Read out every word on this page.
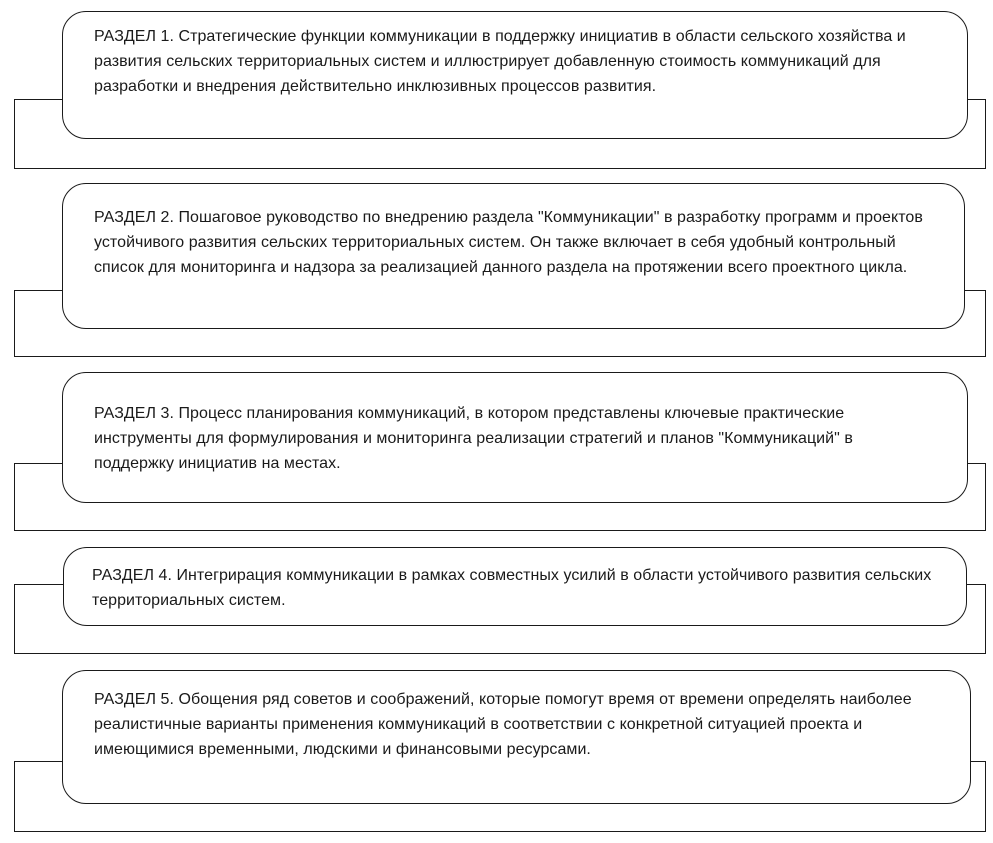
РАЗДЕЛ 1. Стратегические функции коммуникации в поддержку инициатив в области сельского хозяйства и развития сельских территориальных систем и иллюстрирует добавленную стоимость коммуникаций для разработки и внедрения действительно инклюзивных процессов развития.

РАЗДЕЛ 2. Пошаговое руководство по внедрению раздела "Коммуникации" в разработку программ и проектов устойчивого развития сельских территориальных систем. Он также включает в себя удобный контрольный список для мониторинга и надзора за реализацией данного раздела на протяжении всего проектного цикла.

РАЗДЕЛ 3. Процесс планирования коммуникаций, в котором представлены ключевые практические инструменты для формулирования и мониторинга реализации стратегий и планов "Коммуникаций" в поддержку инициатив на местах.

РАЗДЕЛ 4. Интегрирация коммуникации в рамках совместных усилий в области устойчивого развития сельских территориальных систем.

РАЗДЕЛ 5. Обощения ряд советов и соображений, которые помогут время от времени определять наиболее реалистичные варианты применения коммуникаций в соответствии с конкретной ситуацией проекта и имеющимися временными, людскими и финансовыми ресурсами.
